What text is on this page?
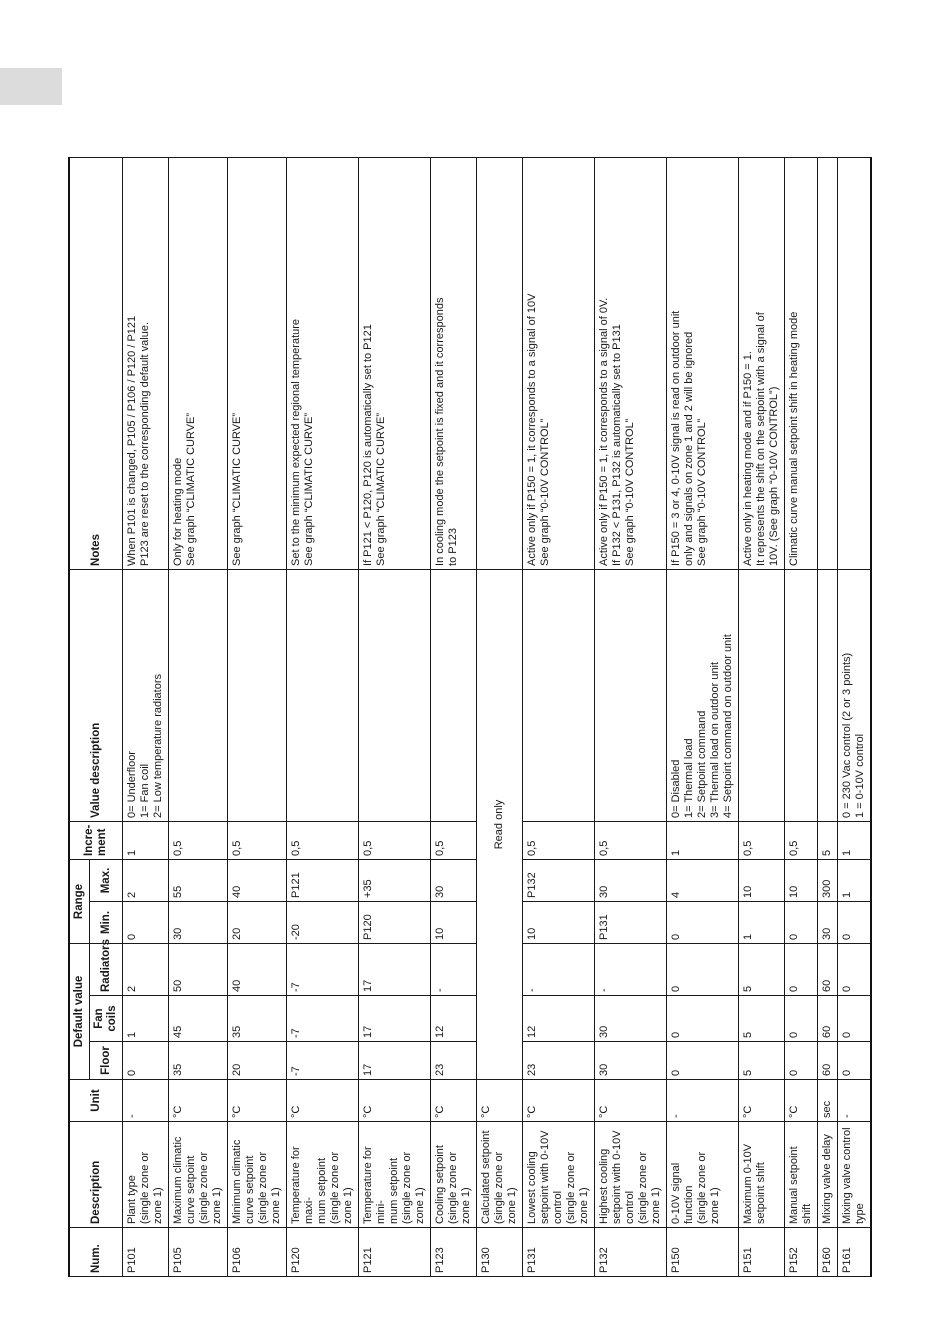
Num.	Description	Unit	Default value			Range		Incre-
ment	Value description	Notes
			Floor	Fan coils	Radiators	Min.	Max.			
P101	Plant type
(single zone or zone 1)	-	0	1	2	0	2	1	0= Underfloor
1= Fan coil
2= Low temperature radiators	When P101 is changed, P105 / P106 / P120 / P121
P123 are reset to the corresponding default value.
P105	Maximum climatic
curve setpoint
(single zone or zone 1)	°C	35	45	50	30	55	0,5		Only for heating mode
See graph “CLIMATIC CURVE”
P106	Minimum climatic
curve setpoint
(single zone or zone 1)	°C	20	35	40	20	40	0,5		See graph “CLIMATIC CURVE”
P120	Temperature for maxi-
mum setpoint
(single zone or zone 1)	°C	-7	-7	-7	-20	P121	0,5		Set to the minimum expected regional temperature
See graph “CLIMATIC CURVE”
P121	Temperature for mini-
mum setpoint
(single zone or zone 1)	°C	17	17	17	P120	+35	0,5		If P121 < P120, P120 is automatically set to P121
See graph “CLIMATIC CURVE”
P123	Cooling setpoint
(single zone or zone 1)	°C	23	12	-	10	30	0,5		In cooling mode the setpoint is fixed and it corresponds
to P123
P130	Calculated setpoint
(single zone or zone 1)	°C	Read only							
P131	Lowest cooling
setpoint with 0-10V
control
(single zone or zone 1)	°C	23	12	-	10	P132	0,5		Active only if P150 = 1, it corresponds to a signal of 10V
See graph “0-10V CONTROL”
P132	Highest cooling
setpoint with 0-10V
control
(single zone or zone 1)	°C	30	30	-	P131	30	0,5		Active only if P150 = 1, it corresponds to a signal of 0V.
If P132 < P131, P132 is automatically set to P131
See graph “0-10V CONTROL”
P150	0-10V signal function
(single zone or zone 1)	-	0	0	0	0	4	1	0= Disabled
1= Thermal load
2= Setpoint command
3= Thermal load on outdoor unit
4= Setpoint command on outdoor unit	If P150 = 3 or 4, 0-10V signal is read on outdoor unit
only and signals on zone 1 and 2 will be ignored
See graph “0-10V CONTROL”
P151	Maximum 0-10V
setpoint shift	°C	5	5	5	1	10	0,5		Active only in heating mode and if P150 = 1.
It represents the shift on the setpoint with a signal of
10V. (See graph “0-10V CONTROL”)
P152	Manual setpoint shift	°C	0	0	0	0	10	0,5		Climatic curve manual setpoint shift in heating mode
P160	Mixing valve delay	sec	60	60	60	30	300	5		
P161	Mixing valve control
type	-	0	0	0	0	1	1	0 = 230 Vac control (2 or 3 points)
1 = 0-10V control	
